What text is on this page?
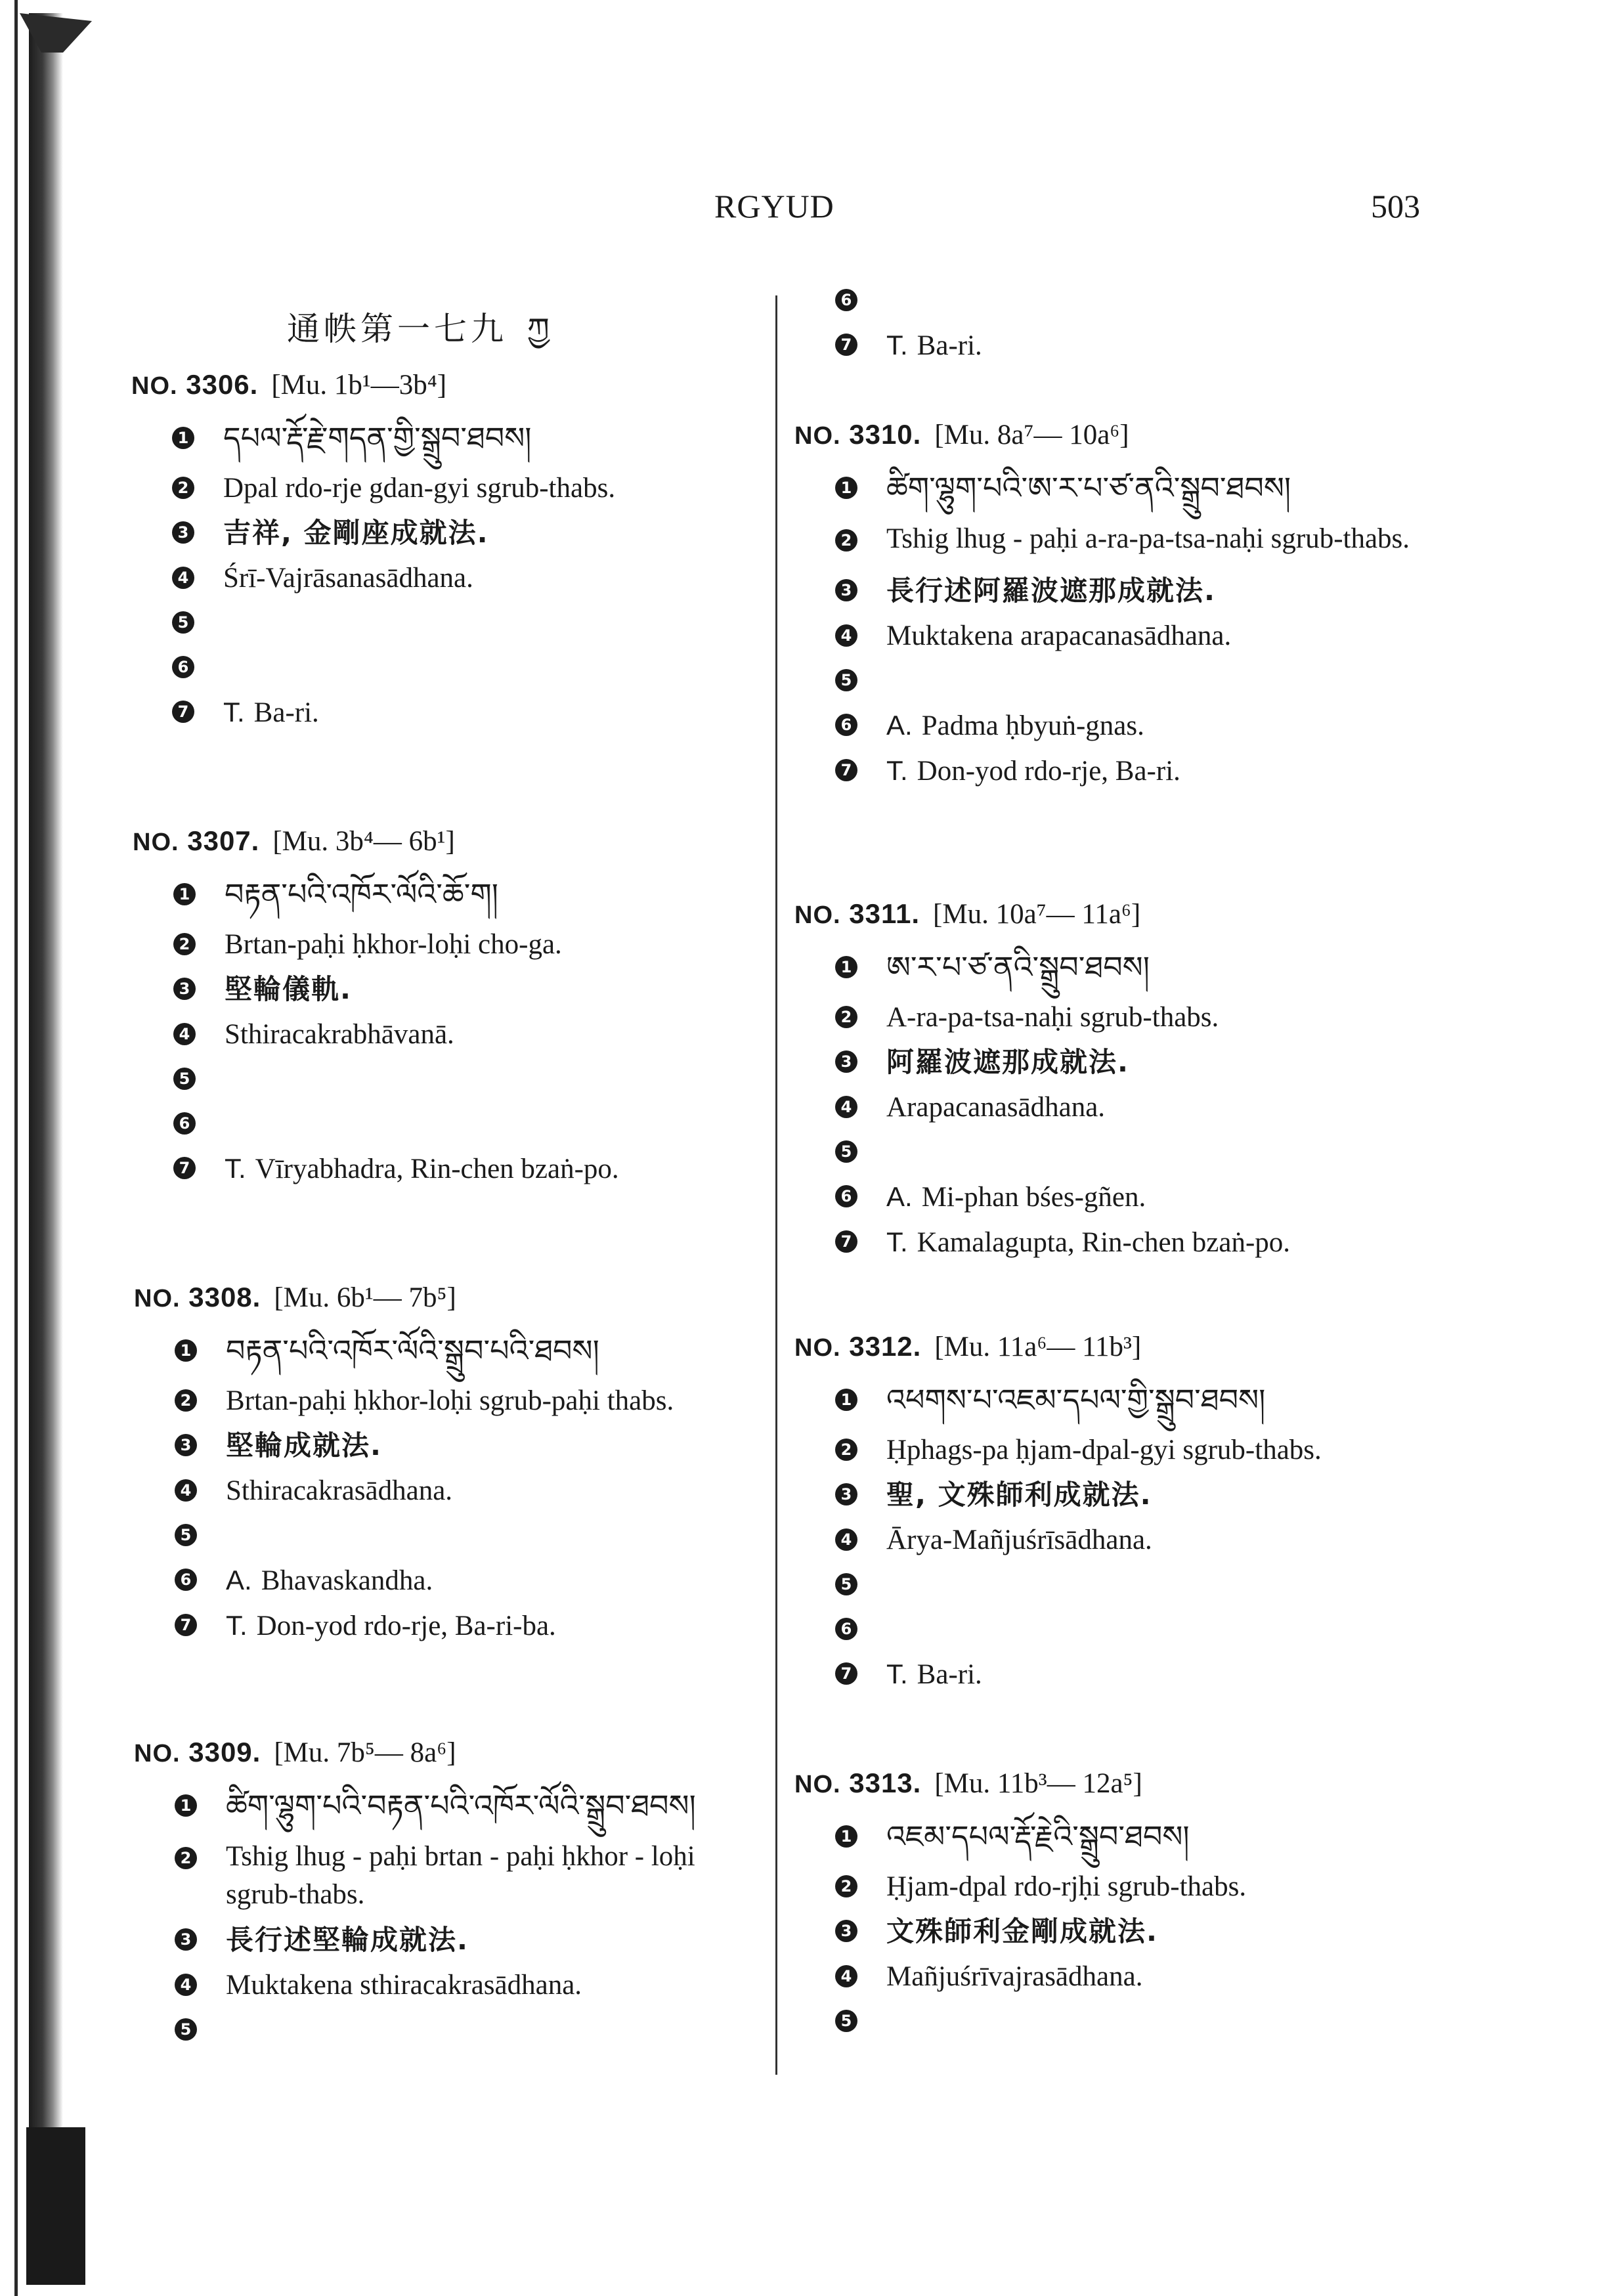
RGYUD	503
通帙第一七九 ཀྱ
NO. 3306. [Mu. 1b¹—3b⁴]
1 དཔལ་རྡོ་རྗེ་གདན་གྱི་སྒྲུབ་ཐབས།
2 Dpal rdo-rje gdan-gyi sgrub-thabs.
3 吉祥, 金剛座成就法.
4 Śrī-Vajrāsanasādhana.
5
6
7 T. Ba-ri.
NO. 3307. [Mu. 3b⁴— 6b¹]
1 བརྟན་པའི་འཁོར་ལོའི་ཆོ་ག།
2 Brtan-paḥi ḥkhor-loḥi cho-ga.
3 堅輪儀軌.
4 Sthiracakrabhāvanā.
5
6
7 T. Vīryabhadra, Rin-chen bzaṅ-po.
NO. 3308. [Mu. 6b¹— 7b⁵]
1 བརྟན་པའི་འཁོར་ལོའི་སྒྲུབ་པའི་ཐབས།
2 Brtan-paḥi ḥkhor-loḥi sgrub-paḥi thabs.
3 堅輪成就法.
4 Sthiracakrasādhana.
5
6 A. Bhavaskandha.
7 T. Don-yod rdo-rje, Ba-ri-ba.
NO. 3309. [Mu. 7b⁵— 8a⁶]
1 ཚིག་ལྷུག་པའི་བརྟན་པའི་འཁོར་ལོའི་སྒྲུབ་ཐབས།
2 Tshig lhug - paḥi brtan - paḥi ḥkhor - loḥi sgrub-thabs.
3 長行述堅輪成就法.
4 Muktakena sthiracakrasādhana.
5
6
7 T. Ba-ri.
NO. 3310. [Mu. 8a⁷— 10a⁶]
1 ཚིག་ལྷུག་པའི་ཨ་ར་པ་ཙ་ནའི་སྒྲུབ་ཐབས།
2 Tshig lhug - paḥi a-ra-pa-tsa-naḥi sgrub-thabs.
3 長行述阿羅波遮那成就法.
4 Muktakena arapacanasādhana.
5
6 A. Padma ḥbyuṅ-gnas.
7 T. Don-yod rdo-rje, Ba-ri.
NO. 3311. [Mu. 10a⁷— 11a⁶]
1 ཨ་ར་པ་ཙ་ནའི་སྒྲུབ་ཐབས།
2 A-ra-pa-tsa-naḥi sgrub-thabs.
3 阿羅波遮那成就法.
4 Arapacanasādhana.
5
6 A. Mi-phan bśes-gñen.
7 T. Kamalagupta, Rin-chen bzaṅ-po.
NO. 3312. [Mu. 11a⁶— 11b³]
1 འཕགས་པ་འཇམ་དཔལ་གྱི་སྒྲུབ་ཐབས།
2 Ḥphags-pa ḥjam-dpal-gyi sgrub-thabs.
3 聖, 文殊師利成就法.
4 Ārya-Mañjuśrīsādhana.
5
6
7 T. Ba-ri.
NO. 3313. [Mu. 11b³— 12a⁵]
1 འཇམ་དཔལ་རྡོ་རྗེའི་སྒྲུབ་ཐབས།
2 Ḥjam-dpal rdo-rjḥi sgrub-thabs.
3 文殊師利金剛成就法.
4 Mañjuśrīvajrasādhana.
5
